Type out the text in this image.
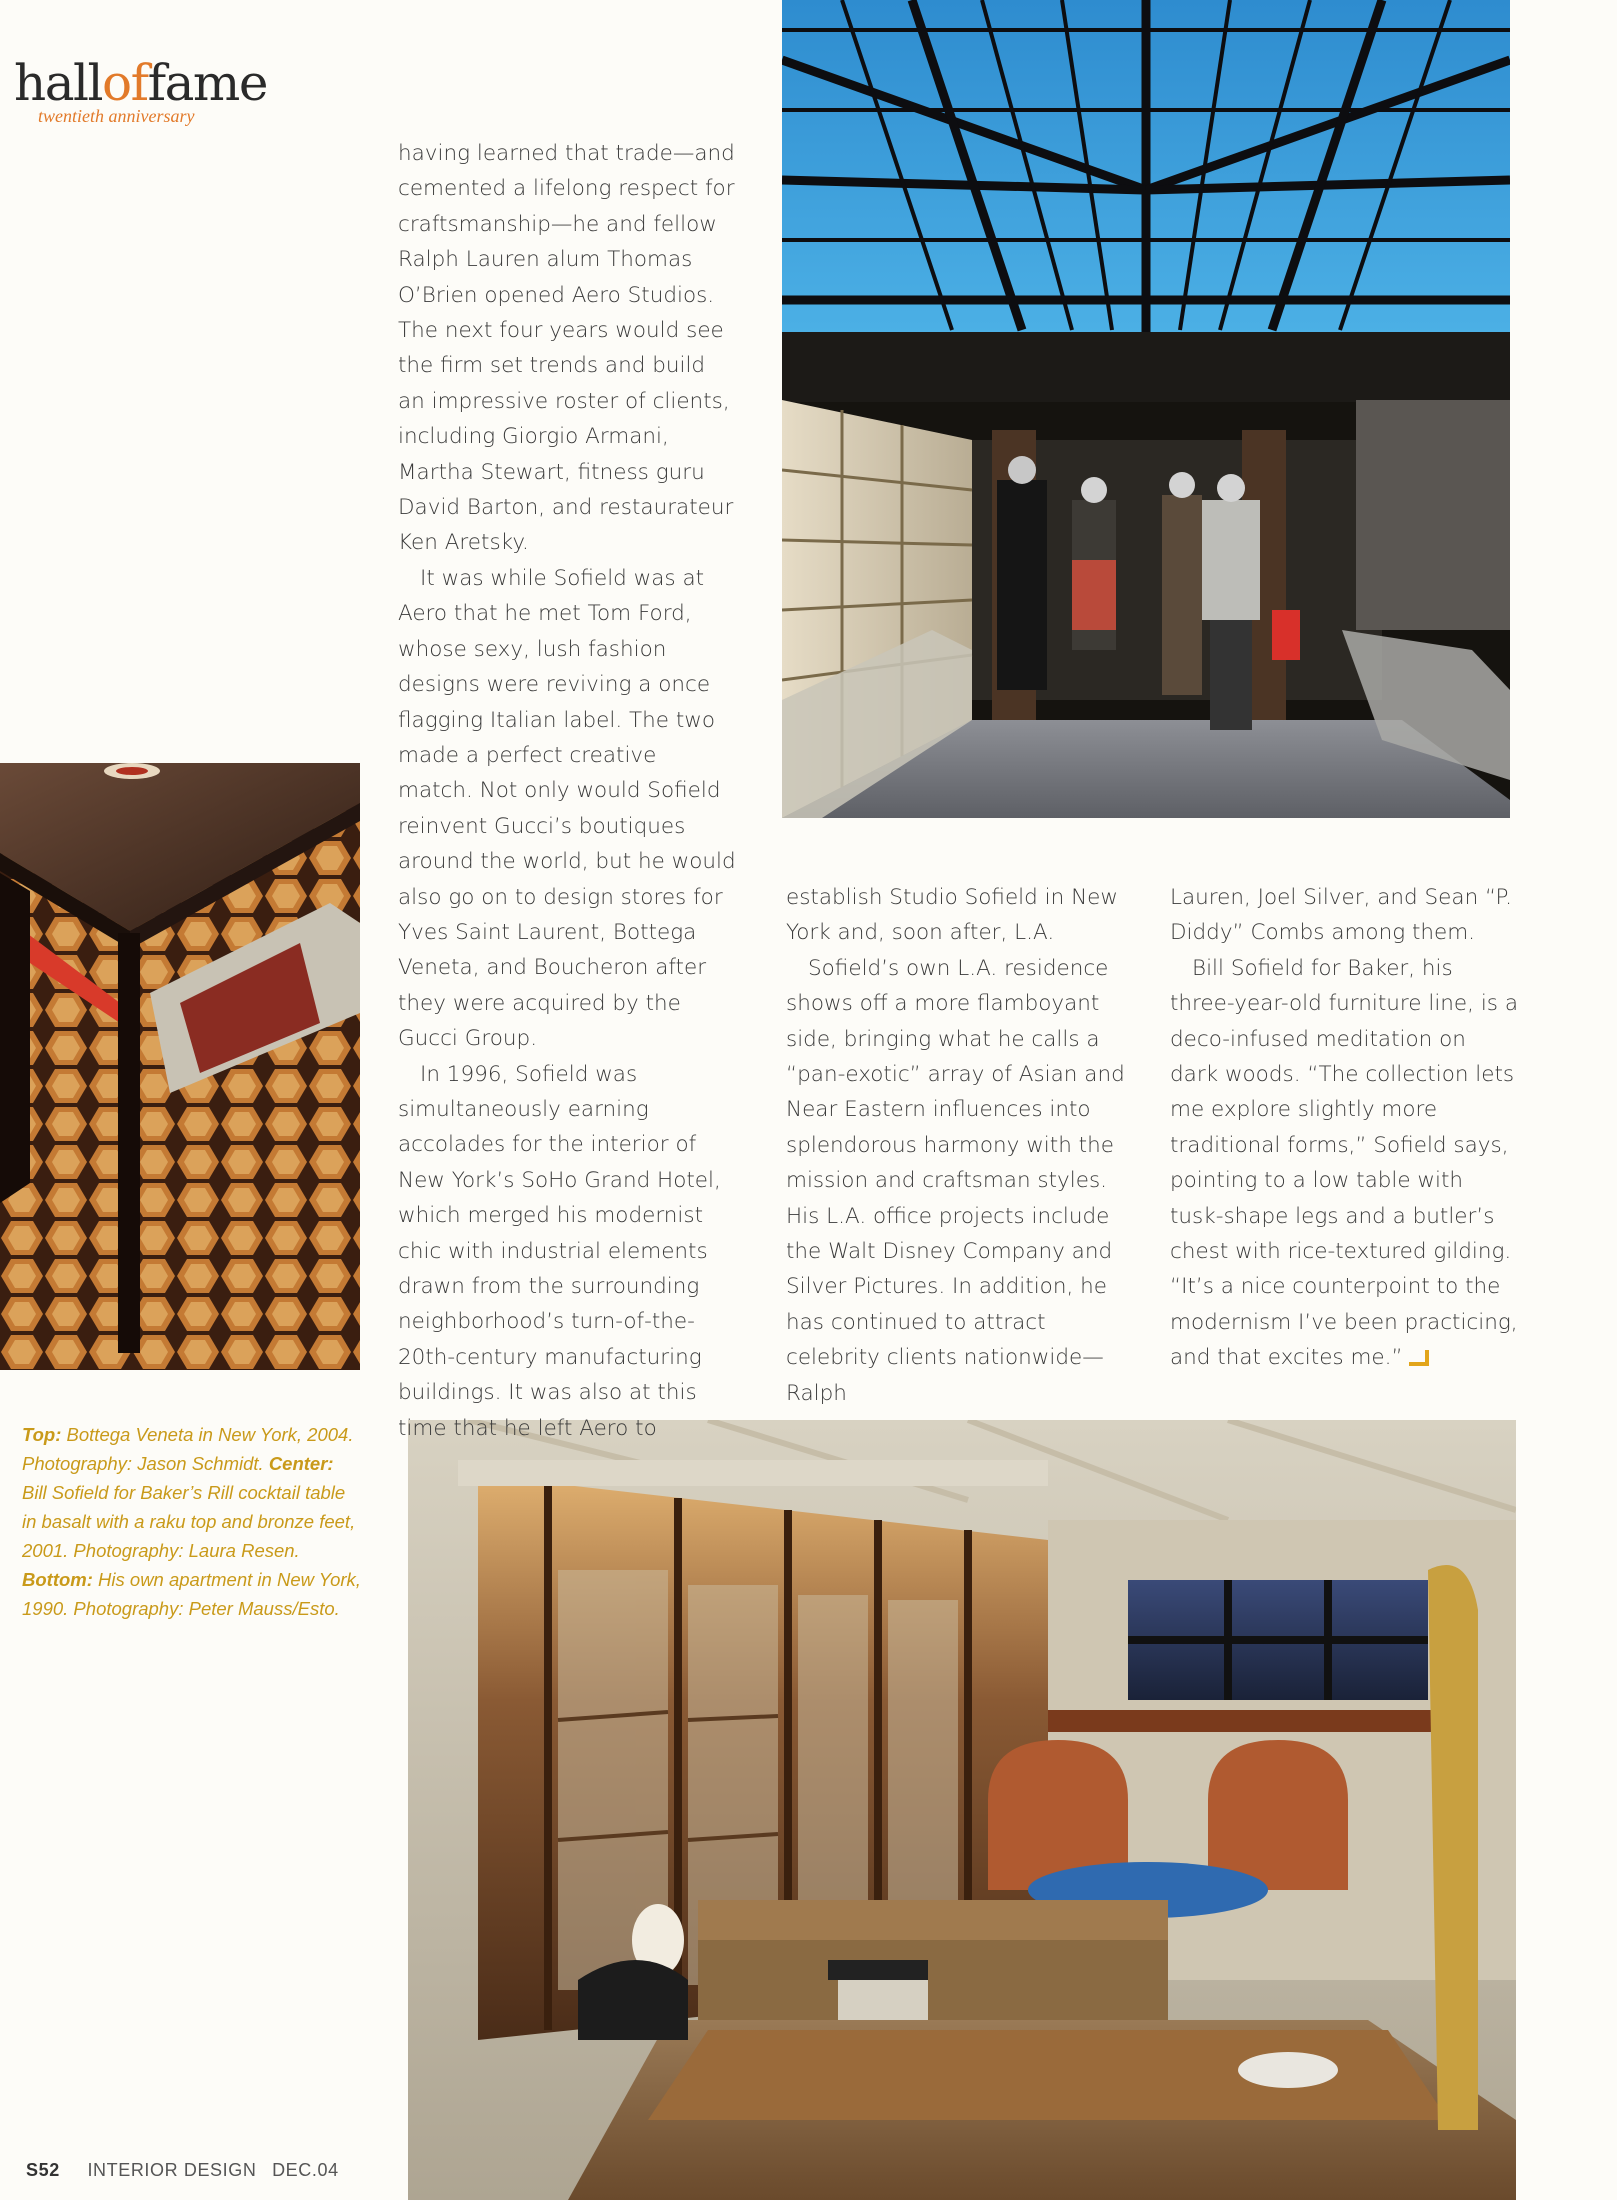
halloffame
twentieth anniversary

having learned that trade—and cemented a lifelong respect for craftsmanship—he and fellow Ralph Lauren alum Thomas O’Brien opened Aero Studios. The next four years would see the firm set trends and build an impressive roster of clients, including Giorgio Armani, Martha Stewart, fitness guru David Barton, and restaurateur Ken Aretsky.

It was while Sofield was at Aero that he met Tom Ford, whose sexy, lush fashion designs were reviving a once flagging Italian label. The two made a perfect creative match. Not only would Sofield reinvent Gucci’s boutiques around the world, but he would also go on to design stores for Yves Saint Laurent, Bottega Veneta, and Boucheron after they were acquired by the Gucci Group.

In 1996, Sofield was simultaneously earning accolades for the interior of New York’s SoHo Grand Hotel, which merged his modernist chic with industrial elements drawn from the surrounding neighborhood’s turn-of-the-20th-century manufacturing buildings. It was also at this time that he left Aero to

establish Studio Sofield in New York and, soon after, L.A.

Sofield’s own L.A. residence shows off a more flamboyant side, bringing what he calls a “pan-exotic” array of Asian and Near Eastern influences into splendorous harmony with the mission and craftsman styles. His L.A. office projects include the Walt Disney Company and Silver Pictures. In addition, he has continued to attract celebrity clients nationwide—Ralph

Lauren, Joel Silver, and Sean “P. Diddy” Combs among them.

Bill Sofield for Baker, his three-year-old furniture line, is a deco-infused meditation on dark woods. “The collection lets me explore slightly more traditional forms,” Sofield says, pointing to a low table with tusk-shape legs and a butler’s chest with rice-textured gilding. “It’s a nice counterpoint to the modernism I’ve been practicing, and that excites me.”

Top: Bottega Veneta in New York, 2004. Photography: Jason Schmidt. Center: Bill Sofield for Baker’s Rill cocktail table in basalt with a raku top and bronze feet, 2001. Photography: Laura Resen. Bottom: His own apartment in New York, 1990. Photography: Peter Mauss/Esto.

S52 INTERIOR DESIGN DEC.04
